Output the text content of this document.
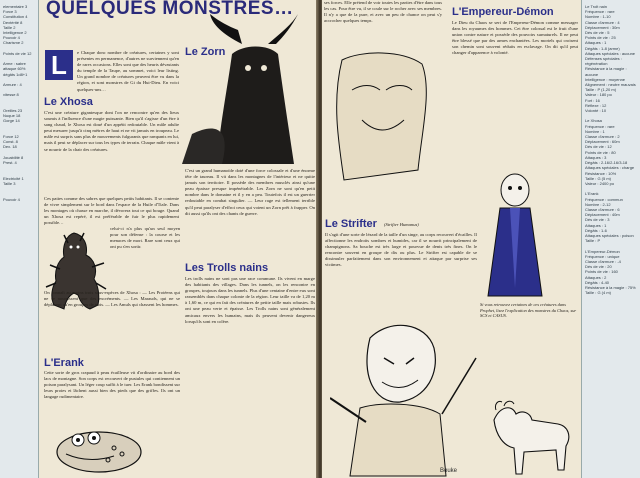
elementaire 3
Force 3
Constitution 4
Dextérité 8
Taille 2
Intelligence 2
Pouvoir 4
Charisme 2

Points de vie 12

Arme : sabre
attaque 60%
dégâts 1d8+1

Armure : 4

vitesse 8

Oreilles 23
Nuque 18
Gorge 14

Force 12
Const. 8
Dex. 18

Jouabilité 8
Prest. 4

Electricité 1
Taille 3

Pouvoir 4
QUELQUES MONSTRES…
L	e Chaque donc nombre de créatures, certaines y sont présentes en permanence, d'autres ne surviennent qu'en de rares occasions. Elles sont que des heurts dévastants du temple de la Taupe, au sommet, voici leur listing. Un grand nombre de créatures peuvent être vu dans la région, et sont monstres de Gi du Hui-Dieu. En voici quelques-uns…
Le Xhosa
C'est une créature gigantesque dont l'on ne rencontre qu'en des lieux soumis à l'influence d'une magie puissante. Bien qu'il s'agisse d'un être à sang chaud, le Xhosa est doué d'un appétit redoutable. Un mâle adulte peut mesurer jusqu'à cinq mètres de haut et ne vit jamais en troupeau. Le mâle est surpris sans plus de mouvements fulgurants que rampants en lui, mais il peut se déplacer sur tous les types de terrain. Chaque mâle vient à se nourrir de la chair des créatures.
Ces pattes comme des sabres que quelques petits habitants. Il se contente de vivre simplement sur le bord dans l'espace de la Huile d'Tiale. Dans les montages où chasse en marche, il dévorera tout ce qui bouge. Quand un Xhosa est repéré, il est préférable de fuir le plus rapidement possible…
celui-ci n'a plus qu'un seul moyen pour son défense : la course et les menaces de mort. Rare sont ceux qui ont pu s'en sortir.
On connaît au moins trois sous-espèces de Xhosa : — Les Protéens qui ne se nourrissent que des excréments. — Les Marauds, qui ne se déplacent qu'en groupes de trois. — Les Amuls qui chassent les hommes.
L'Erank
Cette sorte de gros crapaud à peau écailleuse vit d'ordinaire au bord des lacs de montagne. Son corps est recouvert de pustules qui contiennent un poison paralysant. Un léger coup suffit à le tuer. Les Erank bondissent sur leurs proies et lâchent aussi bien des pieds que des griffes. Ils ont un langage rudimentaire.
Le Zorn
C'est un grand humanoïde doté d'une force colossale et d'une énorme tête de taureau. Il vit dans les montagnes de l'intérieur et ne quitte jamais son territoire. Il possède des membres musclés ainsi qu'une peau épaisse presque impénétrable. Les Zorn ne sont qu'en petit nombre dans le domaine et il y en a peu. Toutefois il est un guerrier redoutable en combat singulier. — Leur rage est tellement terrible qu'il peut paralyser d'effroi ceux qui voient un Zorn prêt à frapper. On dit aussi qu'ils ont des chants de guerre.
Les Trolls nains
Les trolls nains ne sont pas une race commune. Ils vivent en marge des habitants des villages. Dans les tunnels, on les rencontre en groupes, toujours dans les tunnels. Plus d'une centaine d'entre eux sont rassemblés dans chaque colonie de la région. Leur taille va de 1,20 m à 1,60 m, ce qui en fait des créatures de petite taille mais robustes. Ils ont une peau verte et épaisse. Les Trolls nains sont généralement amicaux envers les humains, mais ils peuvent devenir dangereux lorsqu'ils sont en colère.
ses forces. Elle prétend de voir toutes les parties d'être dans tous les cas. Pour être vu, il se coule sur le rocher avec ses membres. Il n'y a que de la pure, et avec un peu de chance on peut s'y accrocher quelques temps.
Le Strifter (Strifter Humanus)
Il s'agit d'une sorte de lézard de la taille d'un singe, au corps recouvert d'écailles. Il affectionne les endroits sombres et humides, car il se nourrit principalement de champignons. Sa bouche est très large et pourvue de dents très fines. On le rencontre souvent en groupe de dix ou plus. Le Strifter est capable de se dissimuler parfaitement dans son environnement et attaque par surprise ses victimes.
L'Empereur-Démon
Le Dieu du Chaos se sert de l'Empereur-Démon comme messager dans les royaumes des hommes. Cet être colossal est le fruit d'une union contre nature et possède des pouvoirs surnaturels. Il ne peut être blessé que par des armes enchantées. Les mortels qui croisent son chemin sont souvent réduits en esclavage. On dit qu'il peut changer d'apparence à volonté.
Si vous retrouvez certaines de ces créatures dans Prophet, lisez l'explication des monstres du Chaos, sur SCS et CASUS.
Bouke
Le Trolt nain
Fréquence : rare
Nombre : 1-10
Classe d'armure : 4
Déplacement : 30m
Dés de vie : 5
Points de vie : 25
Attaques : 1
Dégâts : 1-8 (arme)
Attaques spéciales : aucune
Défenses spéciales : régénération
Résistance à la magie : aucune
Intelligence : moyenne
Alignement : neutre mauvais
Taille : P (1,20 m)
Valeur : 180 po
Fort : 16
Réflexe : 12
Volonté : 10

Le Xhosa
Fréquence : rare
Nombre : 1
Classe d'armure : 2
Déplacement : 60m
Dés de vie : 12
Points de vie : 80
Attaques : 3
Dégâts : 2-16/2-16/3-18
Attaques spéciales : charge
Résistance : 10%
Taille : G (5 m)
Valeur : 2400 po

L'Erank
Fréquence : commun
Nombre : 2-12
Classe d'armure : 6
Déplacement : 40m
Dés de vie : 3
Attaques : 1
Dégâts : 1-6
Attaques spéciales : poison
Taille : P

L'Empereur-Démon
Fréquence : unique
Classe d'armure : -4
Dés de vie : 20
Points de vie : 160
Attaques : 2
Dégâts : 4-40
Résistance à la magie : 75%
Taille : G (4 m)
